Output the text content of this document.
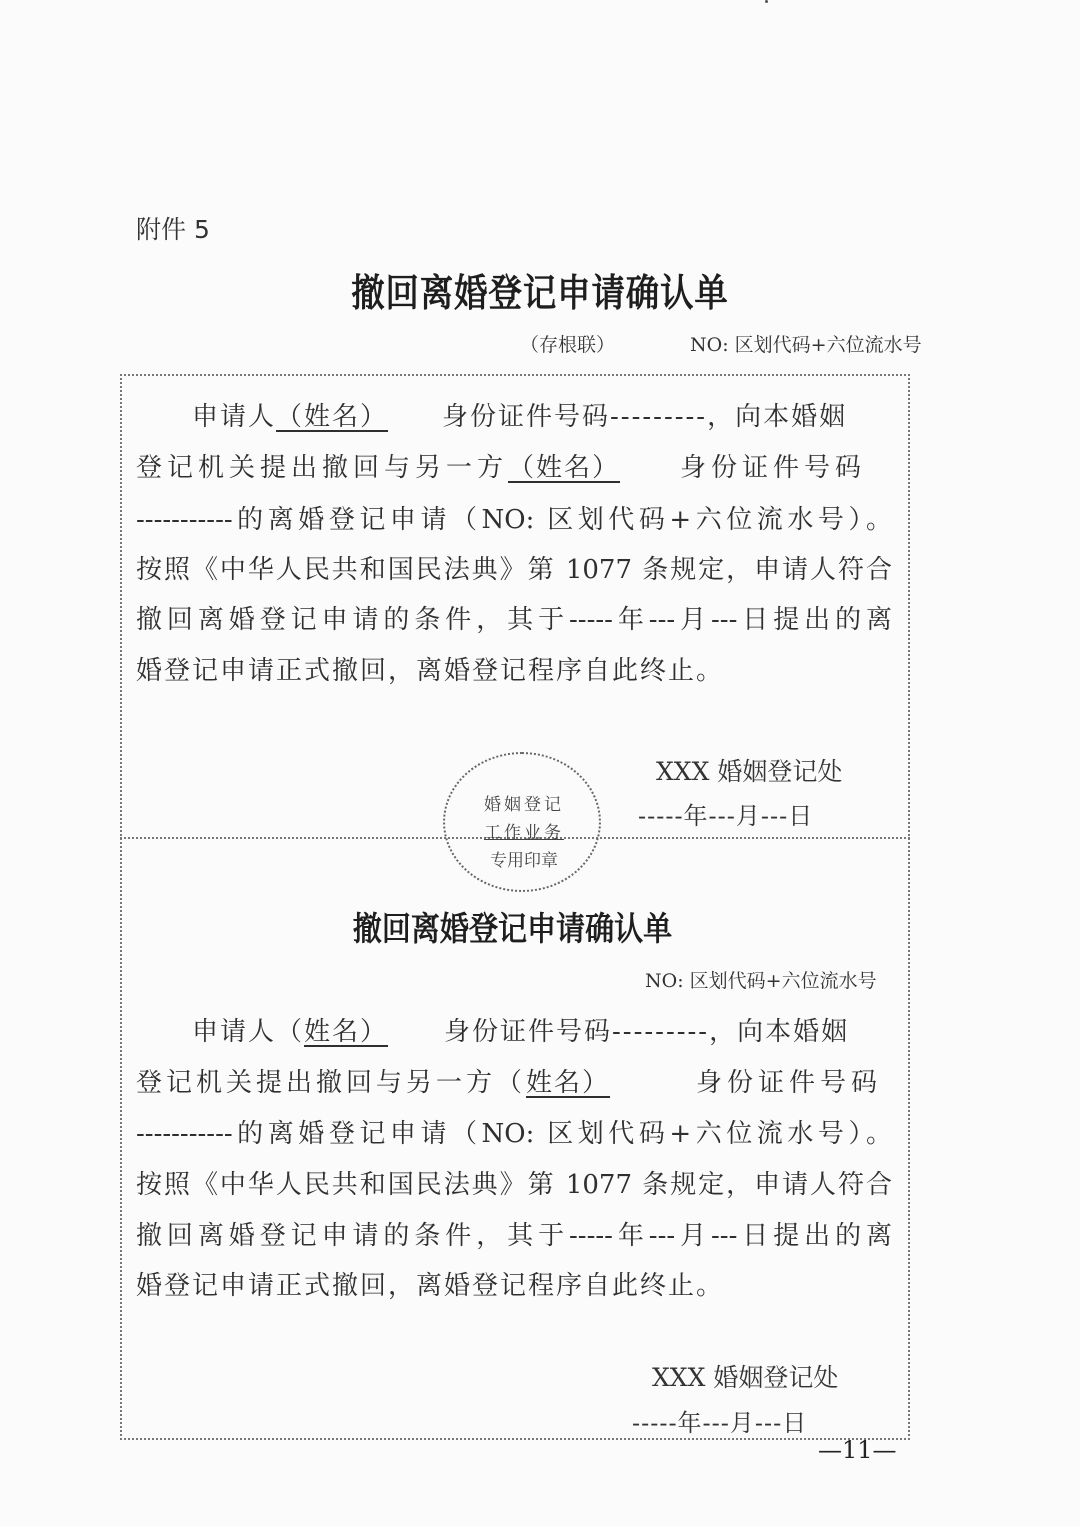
附件 5
撤回离婚登记申请确认单
（存根联）	NO: 区划代码+六位流水号
申请人（姓名） 身份证件号码---------，向本婚姻
登记机关提出撤回与另一方（姓名） 身份证件号码
-----------的离婚登记申请（NO: 区划代码+六位流水号）。
按照《中华人民共和国民法典》第 1077 条规定，申请人符合
撤回离婚登记申请的条件，其于-----年---月---日提出的离
婚登记申请正式撤回，离婚登记程序自此终止。
XXX 婚姻登记处
-----年---月---日
婚姻登记
工作业务
专用印章
撤回离婚登记申请确认单
NO: 区划代码+六位流水号
申请人（姓名） 身份证件号码---------，向本婚姻
登记机关提出撤回与另一方（姓名）	身份证件号码
-----------的离婚登记申请（NO: 区划代码+六位流水号）。
按照《中华人民共和国民法典》第 1077 条规定，申请人符合
撤回离婚登记申请的条件，其于-----年---月---日提出的离
婚登记申请正式撤回，离婚登记程序自此终止。
XXX 婚姻登记处
-----年---月---日
—11—
